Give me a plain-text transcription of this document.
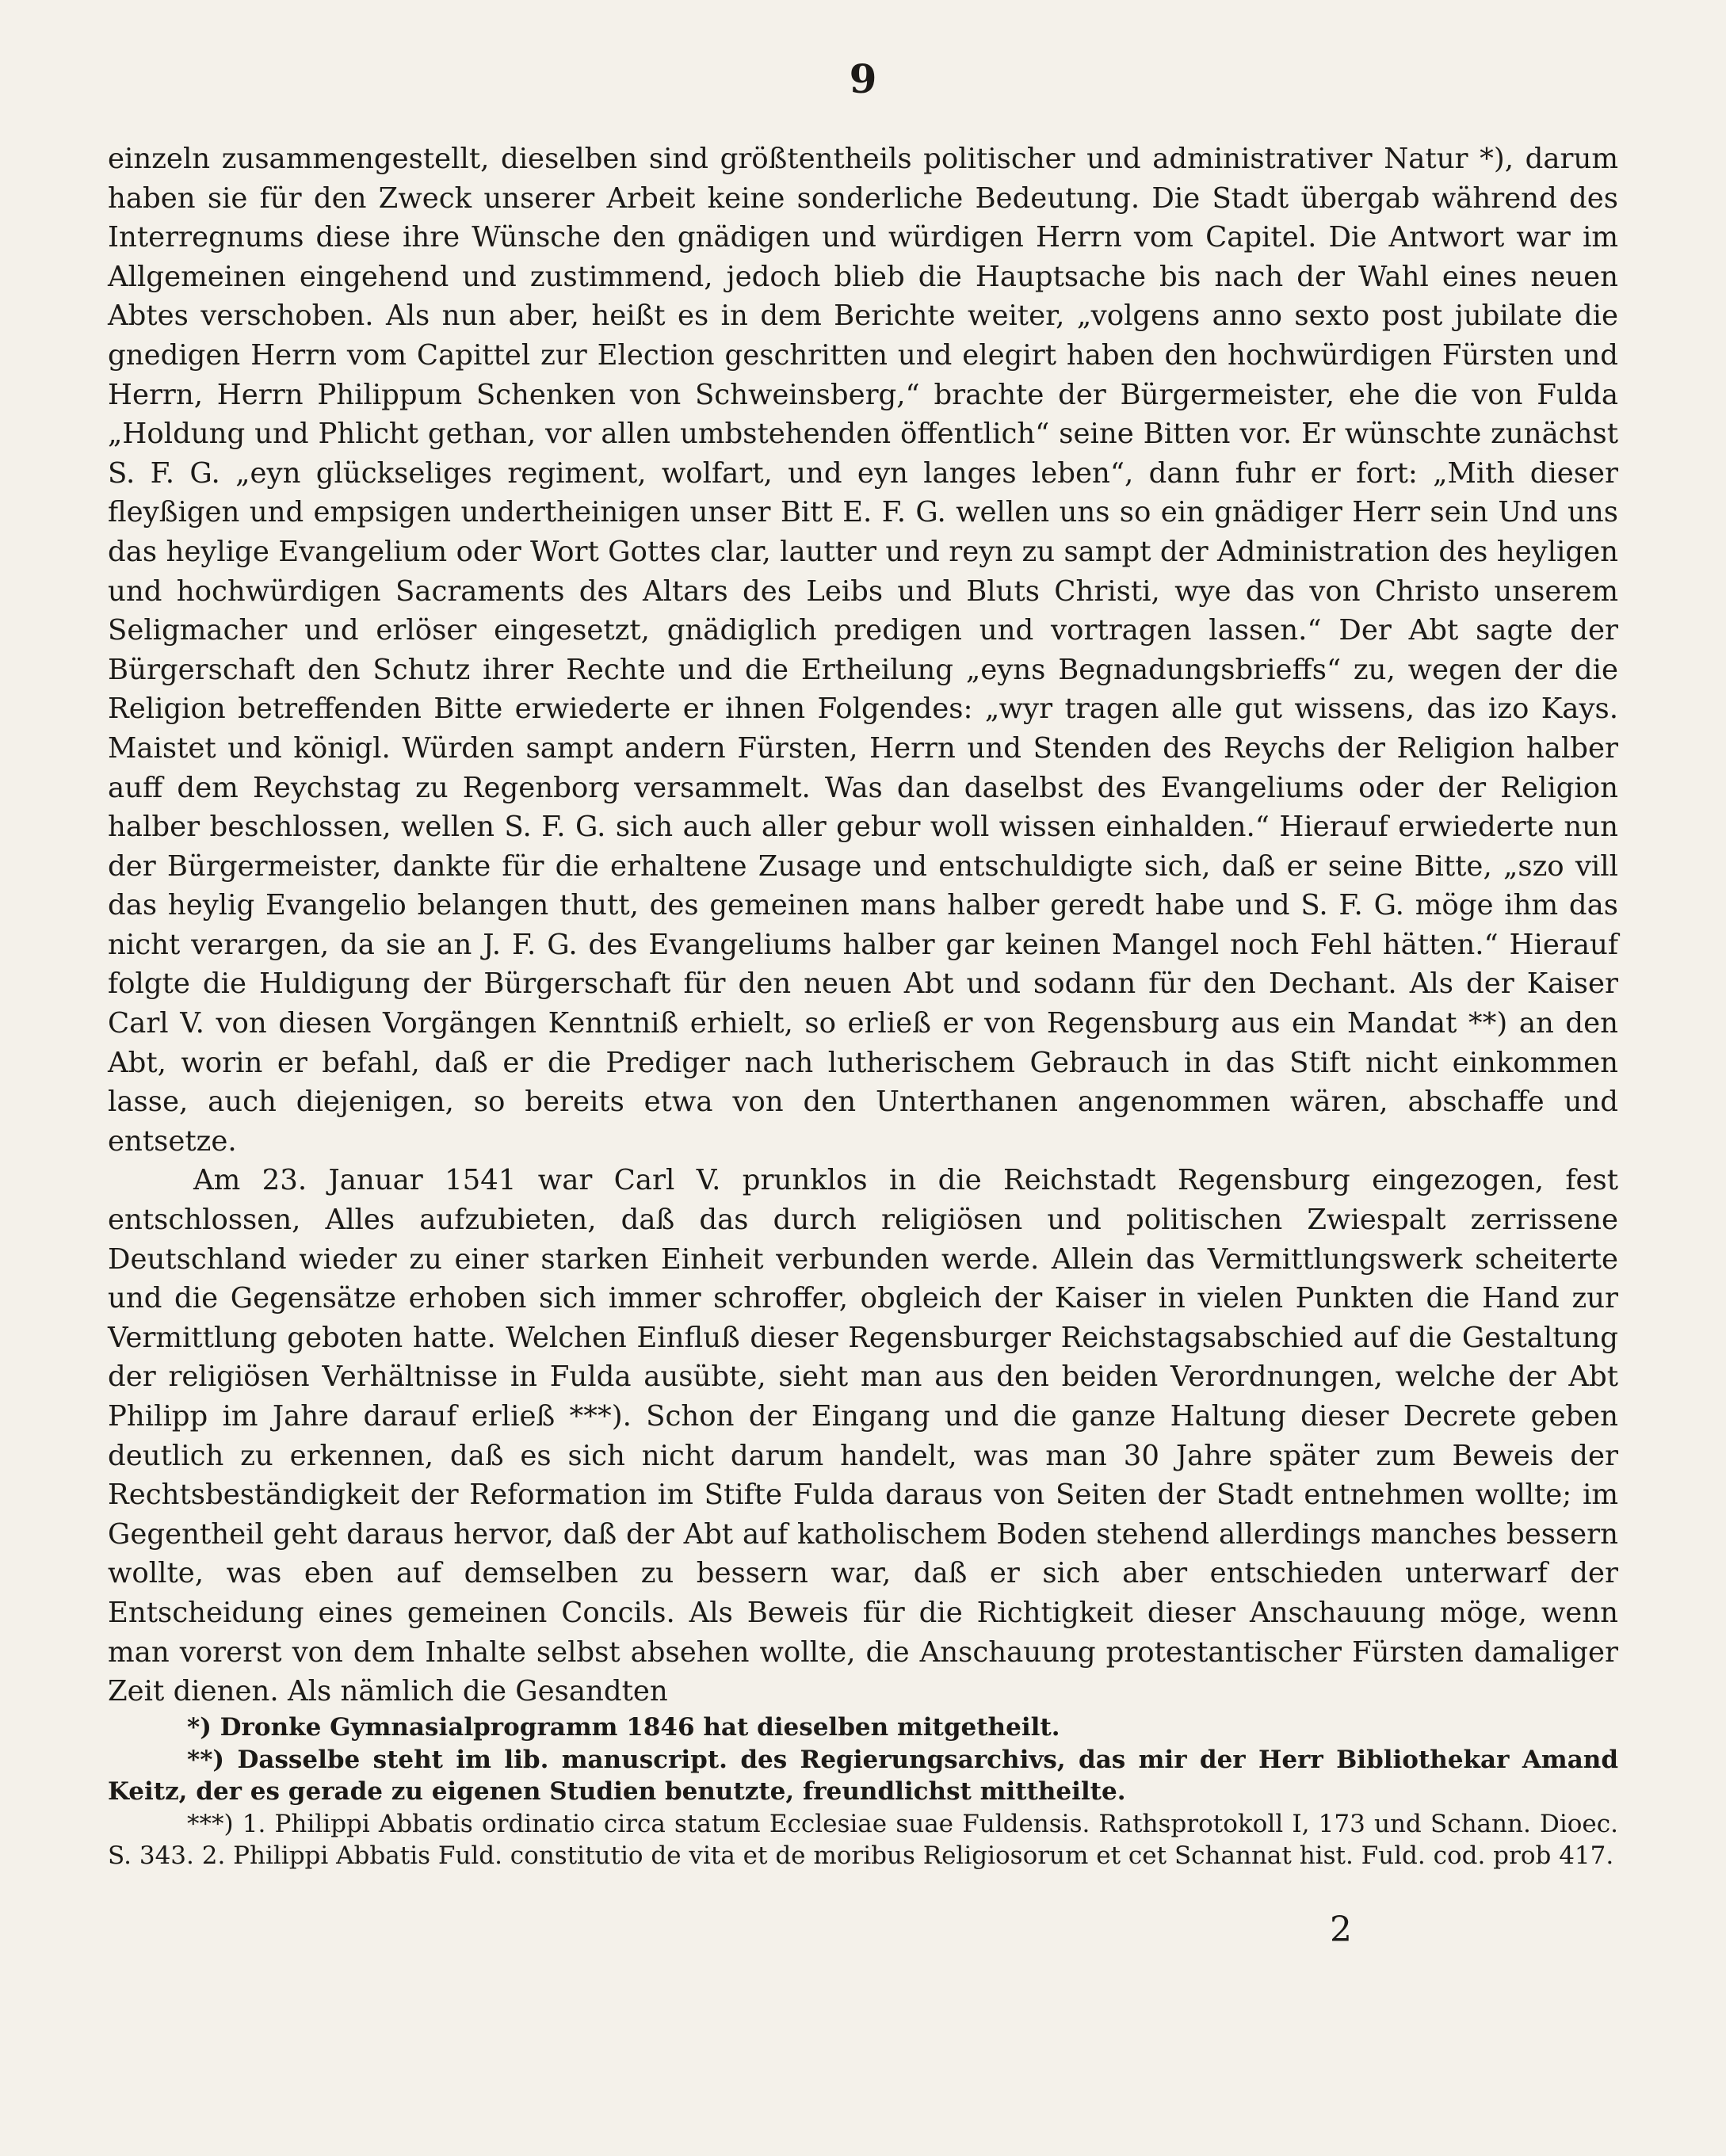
9

einzeln zusammengestellt, dieselben sind größtentheils politischer und administrativer Natur *), darum haben sie für den Zweck unserer Arbeit keine sonderliche Bedeutung. Die Stadt übergab während des Interregnums diese ihre Wünsche den gnädigen und würdigen Herrn vom Capitel. Die Antwort war im Allgemeinen eingehend und zustimmend, jedoch blieb die Hauptsache bis nach der Wahl eines neuen Abtes verschoben. Als nun aber, heißt es in dem Berichte weiter, „volgens anno sexto post jubilate die gnedigen Herrn vom Capittel zur Election geschritten und elegirt haben den hochwürdigen Fürsten und Herrn, Herrn Philippum Schenken von Schweinsberg,“ brachte der Bürgermeister, ehe die von Fulda „Holdung und Phlicht gethan, vor allen umbstehenden öffentlich“ seine Bitten vor. Er wünschte zunächst S. F. G. „eyn glückseliges regiment, wolfart, und eyn langes leben“, dann fuhr er fort: „Mith dieser fleyßigen und empsigen undertheinigen unser Bitt E. F. G. wellen uns so ein gnädiger Herr sein Und uns das heylige Evangelium oder Wort Gottes clar, lautter und reyn zu sampt der Administration des heyligen und hochwürdigen Sacraments des Altars des Leibs und Bluts Christi, wye das von Christo unserem Seligmacher und erlöser eingesetzt, gnädiglich predigen und vortragen lassen.“ Der Abt sagte der Bürgerschaft den Schutz ihrer Rechte und die Ertheilung „eyns Begnadungsbrieffs“ zu, wegen der die Religion betreffenden Bitte erwiederte er ihnen Folgendes: „wyr tragen alle gut wissens, das izo Kays. Maistet und königl. Würden sampt andern Fürsten, Herrn und Stenden des Reychs der Religion halber auff dem Reychstag zu Regenborg versammelt. Was dan daselbst des Evangeliums oder der Religion halber beschlossen, wellen S. F. G. sich auch aller gebur woll wissen einhalden.“ Hierauf erwiederte nun der Bürgermeister, dankte für die erhaltene Zusage und entschuldigte sich, daß er seine Bitte, „szo vill das heylig Evangelio belangen thutt, des gemeinen mans halber geredt habe und S. F. G. möge ihm das nicht verargen, da sie an J. F. G. des Evangeliums halber gar keinen Mangel noch Fehl hätten.“ Hierauf folgte die Huldigung der Bürgerschaft für den neuen Abt und sodann für den Dechant. Als der Kaiser Carl V. von diesen Vorgängen Kenntniß erhielt, so erließ er von Regensburg aus ein Mandat **) an den Abt, worin er befahl, daß er die Prediger nach lutherischem Gebrauch in das Stift nicht einkommen lasse, auch diejenigen, so bereits etwa von den Unterthanen angenommen wären, abschaffe und entsetze.

Am 23. Januar 1541 war Carl V. prunklos in die Reichstadt Regensburg eingezogen, fest entschlossen, Alles aufzubieten, daß das durch religiösen und politischen Zwiespalt zerrissene Deutschland wieder zu einer starken Einheit verbunden werde. Allein das Vermittlungswerk scheiterte und die Gegensätze erhoben sich immer schroffer, obgleich der Kaiser in vielen Punkten die Hand zur Vermittlung geboten hatte. Welchen Einfluß dieser Regensburger Reichstagsabschied auf die Gestaltung der religiösen Verhältnisse in Fulda ausübte, sieht man aus den beiden Verordnungen, welche der Abt Philipp im Jahre darauf erließ ***). Schon der Eingang und die ganze Haltung dieser Decrete geben deutlich zu erkennen, daß es sich nicht darum handelt, was man 30 Jahre später zum Beweis der Rechtsbeständigkeit der Reformation im Stifte Fulda daraus von Seiten der Stadt entnehmen wollte; im Gegentheil geht daraus hervor, daß der Abt auf katholischem Boden stehend allerdings manches bessern wollte, was eben auf demselben zu bessern war, daß er sich aber entschieden unterwarf der Entscheidung eines gemeinen Concils. Als Beweis für die Richtigkeit dieser Anschauung möge, wenn man vorerst von dem Inhalte selbst absehen wollte, die Anschauung protestantischer Fürsten damaliger Zeit dienen. Als nämlich die Gesandten

*) Dronke Gymnasialprogramm 1846 hat dieselben mitgetheilt.

**) Dasselbe steht im lib. manuscript. des Regierungsarchivs, das mir der Herr Bibliothekar Amand Keitz, der es gerade zu eigenen Studien benutzte, freundlichst mittheilte.

***) 1. Philippi Abbatis ordinatio circa statum Ecclesiae suae Fuldensis. Rathsprotokoll I, 173 und Schann. Dioec. S. 343. 2. Philippi Abbatis Fuld. constitutio de vita et de moribus Religiosorum et cet Schannat hist. Fuld. cod. prob 417.

2
